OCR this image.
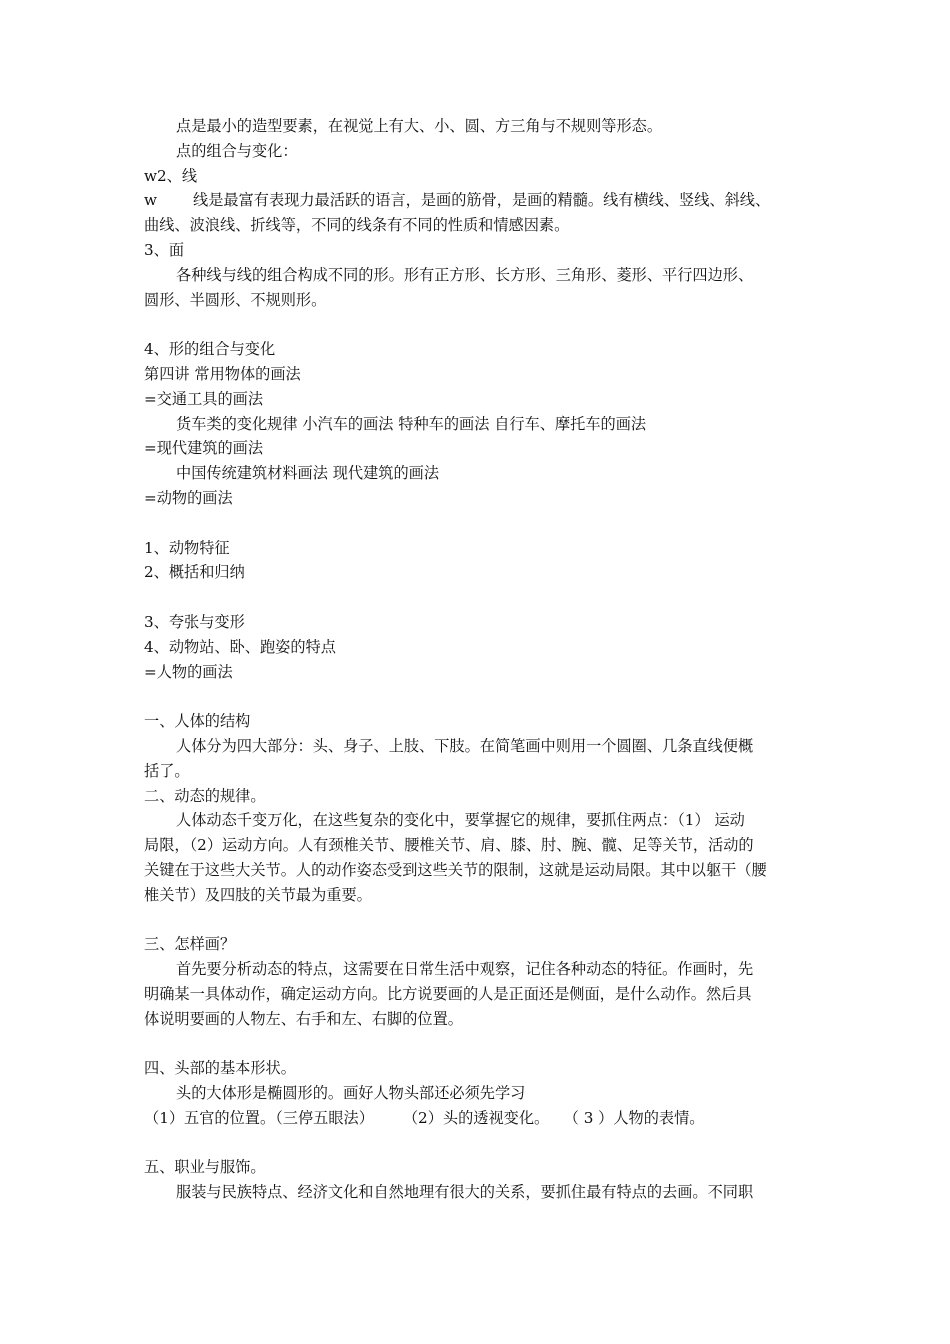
点是最小的造型要素，在视觉上有大、小、圆、方三角与不规则等形态。
点的组合与变化：
w2、线
w 线是最富有表现力最活跃的语言，是画的筋骨，是画的精髓。线有横线、竖线、斜线、
曲线、波浪线、折线等，不同的线条有不同的性质和情感因素。
3、面
各种线与线的组合构成不同的形。形有正方形、长方形、三角形、菱形、平行四边形、
圆形、半圆形、不规则形。
4、形的组合与变化
第四讲 常用物体的画法
=交通工具的画法
货车类的变化规律 小汽车的画法 特种车的画法 自行车、摩托车的画法
=现代建筑的画法
中国传统建筑材料画法 现代建筑的画法
=动物的画法
1、动物特征
2、概括和归纳
3、夸张与变形
4、动物站、卧、跑姿的特点
=人物的画法
一、人体的结构
人体分为四大部分：头、身子、上肢、下肢。在简笔画中则用一个圆圈、几条直线便概
括了。
二、动态的规律。
人体动态千变万化，在这些复杂的变化中，要掌握它的规律，要抓住两点：（1） 运动
局限，（2）运动方向。人有颈椎关节、腰椎关节、肩、膝、肘、腕、髋、足等关节，活动的
关键在于这些大关节。人的动作姿态受到这些关节的限制，这就是运动局限。其中以躯干（腰
椎关节）及四肢的关节最为重要。
三、怎样画？
首先要分析动态的特点，这需要在日常生活中观察，记住各种动态的特征。作画时，先
明确某一具体动作，确定运动方向。比方说要画的人是正面还是侧面，是什么动作。然后具
体说明要画的人物左、右手和左、右脚的位置。
四、头部的基本形状。
头的大体形是椭圆形的。画好人物头部还必须先学习
（1）五官的位置。（三停五眼法）      （2）头的透视变化。   （ 3 ）人物的表情。
五、职业与服饰。
服装与民族特点、经济文化和自然地理有很大的关系，要抓住最有特点的去画。不同职
